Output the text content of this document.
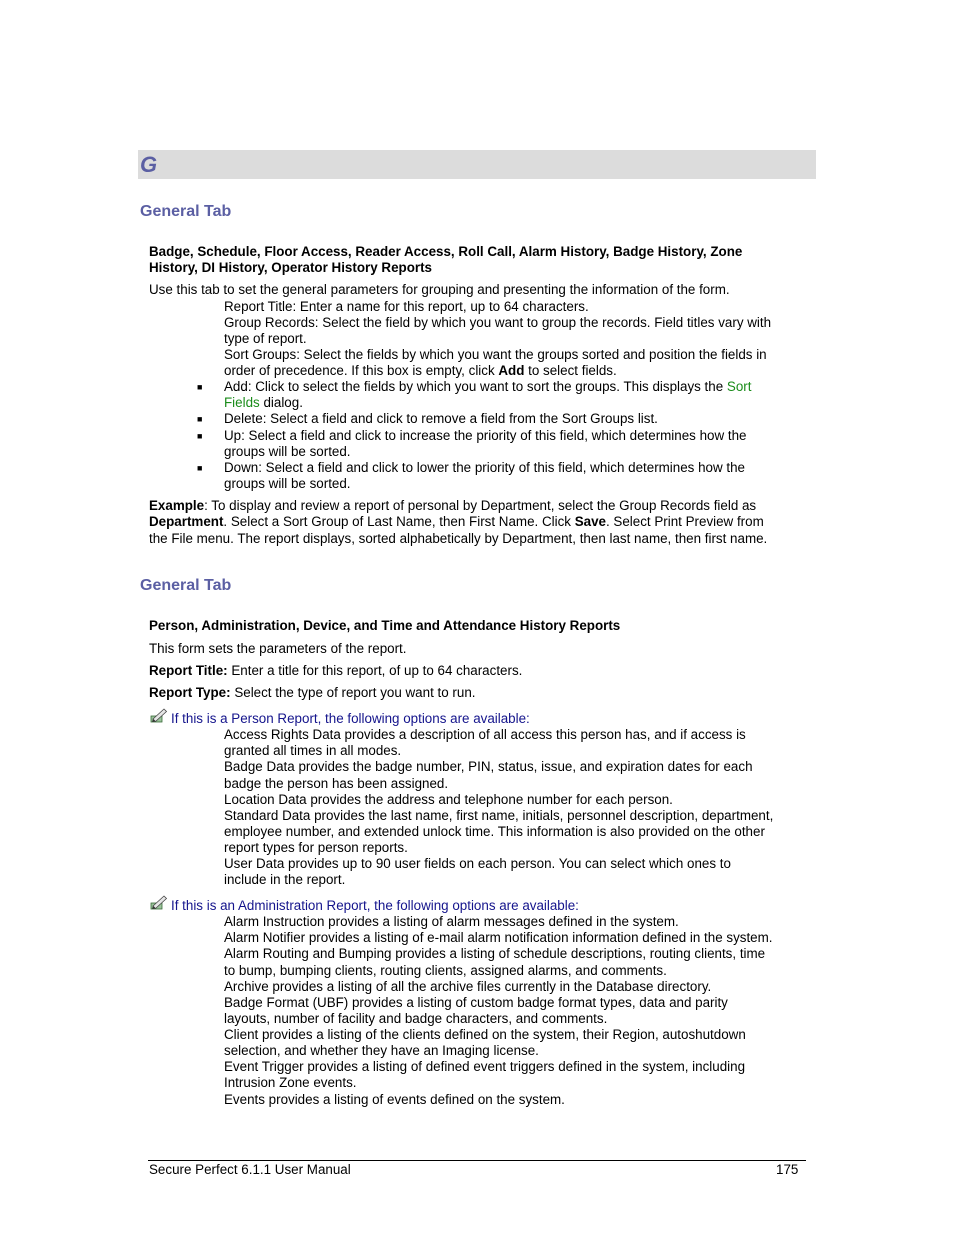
G
General Tab
Badge, Schedule, Floor Access, Reader Access, Roll Call, Alarm History, Badge History, Zone
History, DI History, Operator History Reports
Use this tab to set the general parameters for grouping and presenting the information of the form.
Report Title: Enter a name for this report, up to 64 characters.
Group Records: Select the field by which you want to group the records. Field titles vary with
type of report.
Sort Groups: Select the fields by which you want the groups sorted and position the fields in
order of precedence. If this box is empty, click Add to select fields.
■ Add: Click to select the fields by which you want to sort the groups. This displays the Sort
Fields dialog.
■ Delete: Select a field and click to remove a field from the Sort Groups list.
■ Up: Select a field and click to increase the priority of this field, which determines how the
groups will be sorted.
■ Down: Select a field and click to lower the priority of this field, which determines how the
groups will be sorted.
Example: To display and review a report of personal by Department, select the Group Records field as
Department. Select a Sort Group of Last Name, then First Name. Click Save. Select Print Preview from
the File menu. The report displays, sorted alphabetically by Department, then last name, then first name.
General Tab
Person, Administration, Device, and Time and Attendance History Reports
This form sets the parameters of the report.
Report Title: Enter a title for this report, of up to 64 characters.
Report Type: Select the type of report you want to run.
If this is a Person Report, the following options are available:
Access Rights Data provides a description of all access this person has, and if access is
granted all times in all modes.
Badge Data provides the badge number, PIN, status, issue, and expiration dates for each
badge the person has been assigned.
Location Data provides the address and telephone number for each person.
Standard Data provides the last name, first name, initials, personnel description, department,
employee number, and extended unlock time. This information is also provided on the other
report types for person reports.
User Data provides up to 90 user fields on each person. You can select which ones to
include in the report.
If this is an Administration Report, the following options are available:
Alarm Instruction provides a listing of alarm messages defined in the system.
Alarm Notifier provides a listing of e-mail alarm notification information defined in the system.
Alarm Routing and Bumping provides a listing of schedule descriptions, routing clients, time
to bump, bumping clients, routing clients, assigned alarms, and comments.
Archive provides a listing of all the archive files currently in the Database directory.
Badge Format (UBF) provides a listing of custom badge format types, data and parity
layouts, number of facility and badge characters, and comments.
Client provides a listing of the clients defined on the system, their Region, autoshutdown
selection, and whether they have an Imaging license.
Event Trigger provides a listing of defined event triggers defined in the system, including
Intrusion Zone events.
Events provides a listing of events defined on the system.
Secure Perfect 6.1.1 User Manual	175
